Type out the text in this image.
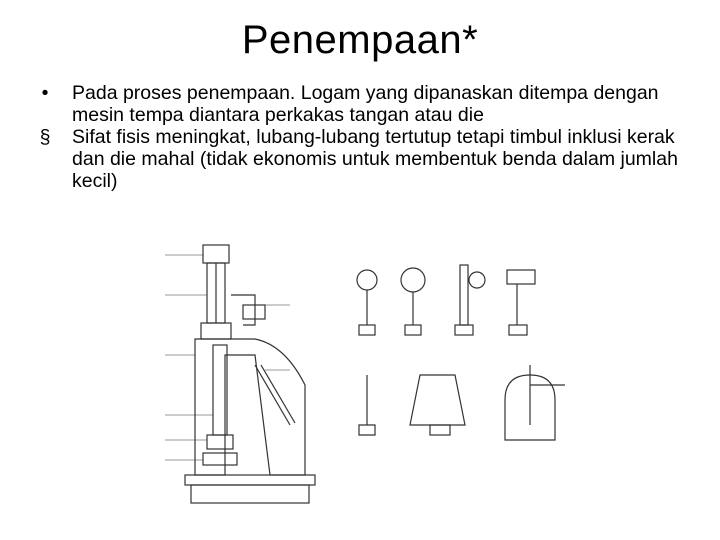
Penempaan*
•	Pada proses penempaan. Logam yang dipanaskan ditempa dengan mesin tempa diantara perkakas tangan atau die
§	Sifat fisis meningkat, lubang-lubang tertutup tetapi timbul inklusi kerak dan die mahal (tidak ekonomis untuk membentuk benda dalam jumlah kecil)
